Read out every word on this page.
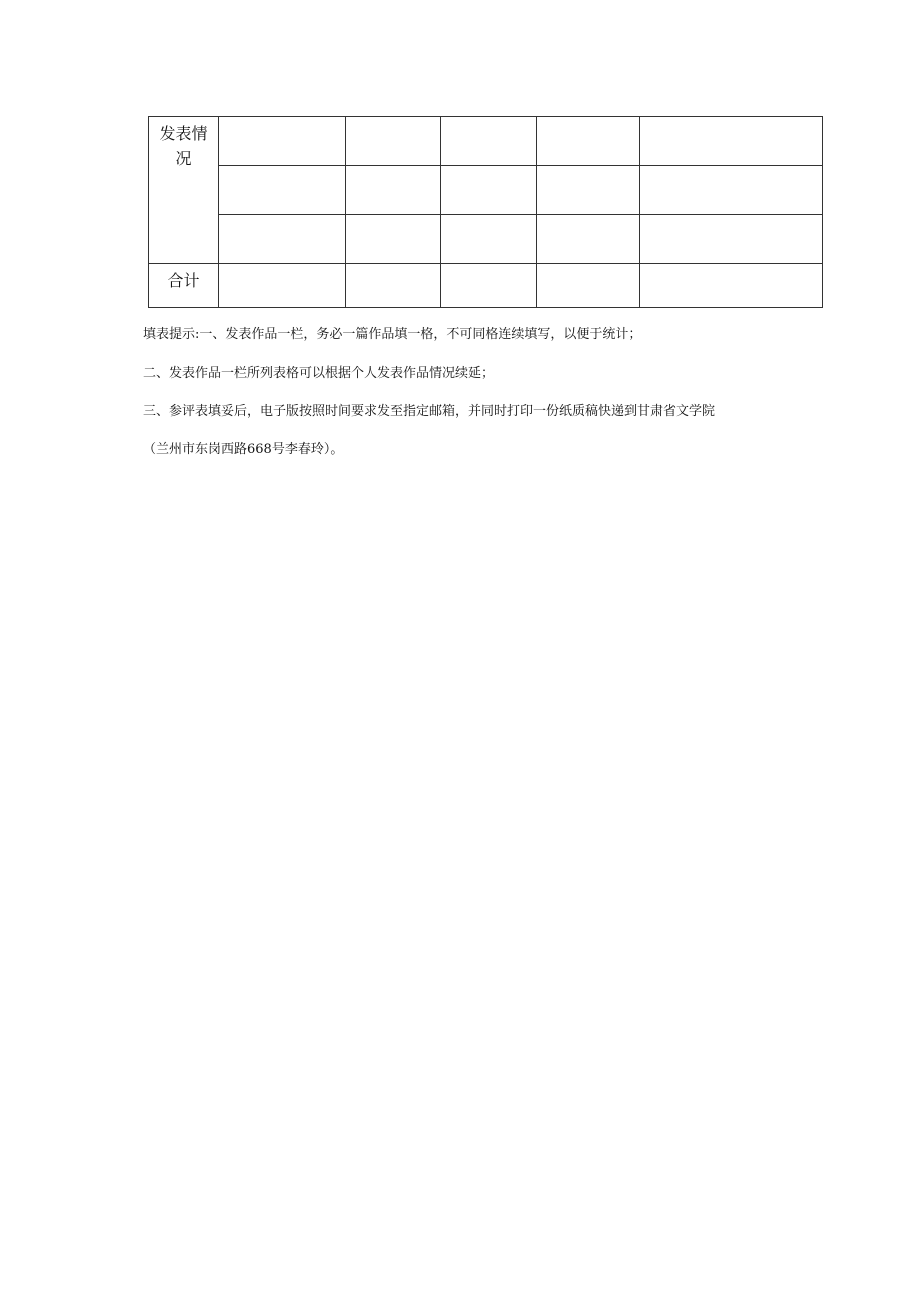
发表情
况					

合计					

填表提示:一、发表作品一栏，务必一篇作品填一格，不可同格连续填写，以便于统计；
二、发表作品一栏所列表格可以根据个人发表作品情况续延；
三、参评表填妥后，电子版按照时间要求发至指定邮箱，并同时打印一份纸质稿快递到甘肃省文学院
（兰州市东岗西路668号李春玲）。
